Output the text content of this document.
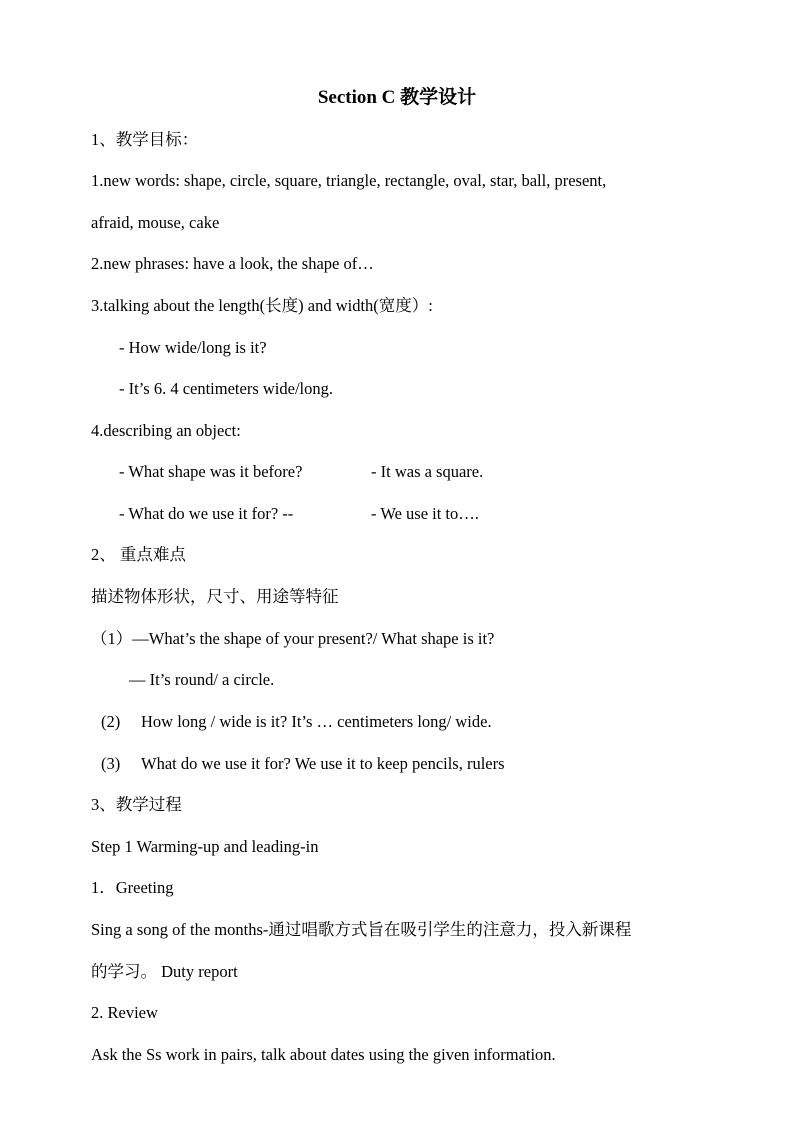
Section C 教学设计
1、教学目标：
1.new words: shape, circle, square, triangle, rectangle, oval, star, ball, present,
afraid, mouse, cake
2.new phrases: have a look, the shape of…
3.talking about the length(长度) and width(宽度）:
- How wide/long is it?
- It’s 6. 4 centimeters wide/long.
4.describing an object:
- What shape was it before?	- It was a square.
- What do we use it for? --	- We use it to….
2、 重点难点
描述物体形状，尺寸、用途等特征
（1）—What’s the shape of your present?/ What shape is it?
— It’s round/ a circle.
(2) How long / wide is it? It’s … centimeters long/ wide.
(3) What do we use it for? We use it to keep pencils, rulers
3、教学过程
Step 1 Warming-up and leading-in
1．Greeting
Sing a song of the months-通过唱歌方式旨在吸引学生的注意力，投入新课程
的学习。 Duty report
2. Review
Ask the Ss work in pairs, talk about dates using the given information.
